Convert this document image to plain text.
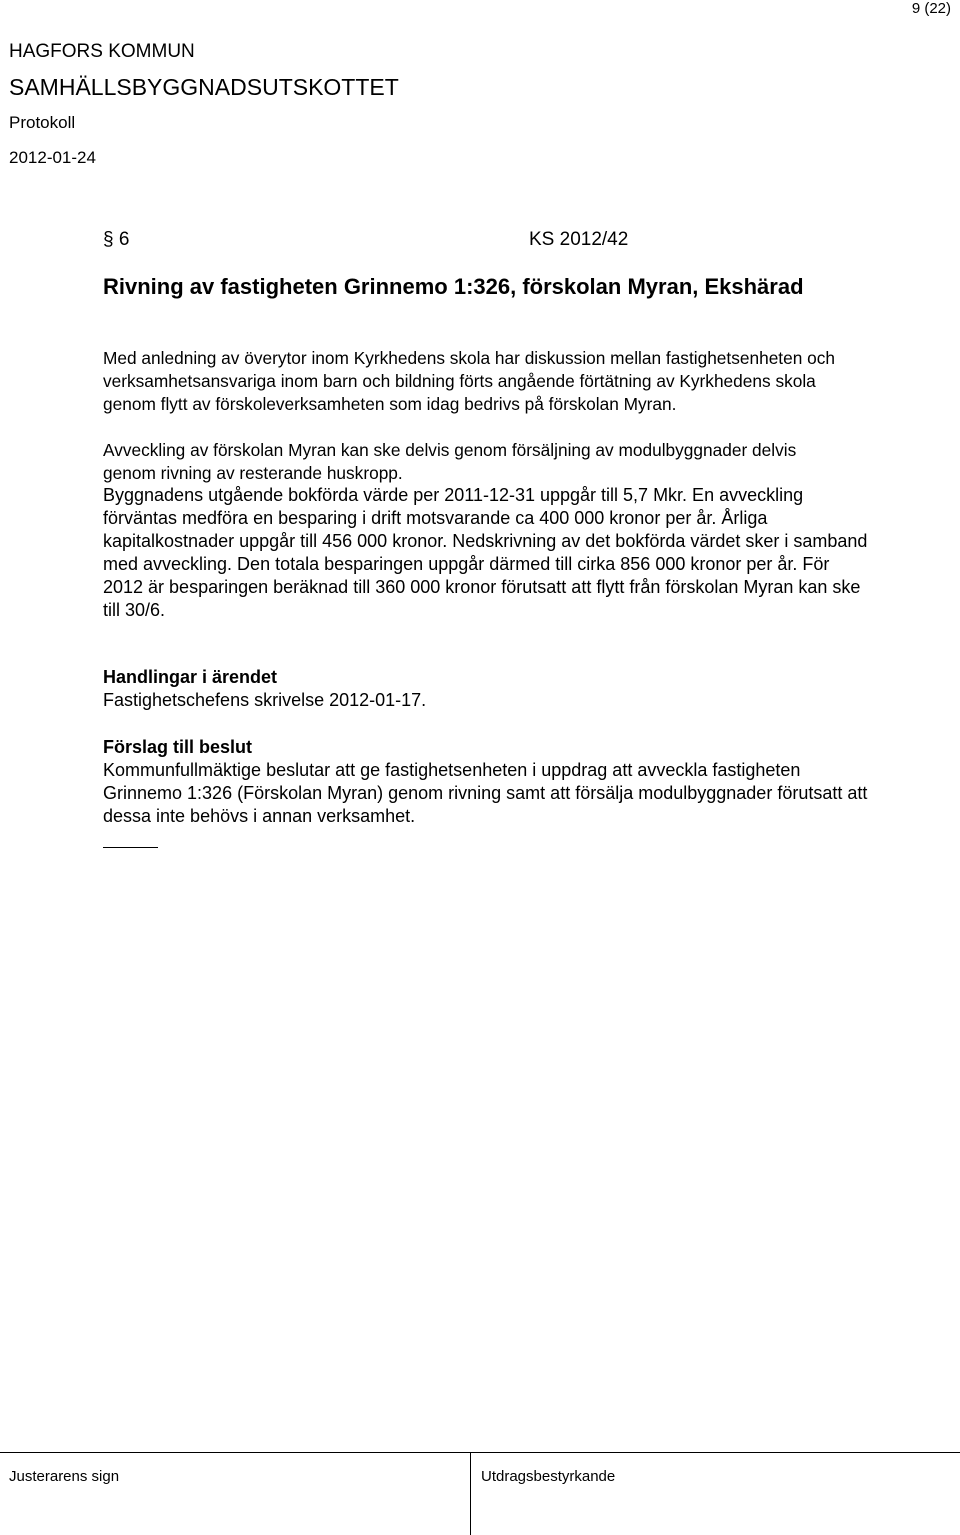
9 (22)
HAGFORS KOMMUN
SAMHÄLLSBYGGNADSUTSKOTTET
Protokoll
2012-01-24
§ 6	KS 2012/42
Rivning av fastigheten Grinnemo 1:326, förskolan Myran, Ekshärad

Med anledning av överytor inom Kyrkhedens skola har diskussion mellan fastighetsenheten och

verksamhetsansvariga inom barn och bildning förts angående förtätning av Kyrkhedens skola

genom flytt av förskoleverksamheten som idag bedrivs på förskolan Myran.

Avveckling av förskolan Myran kan ske delvis genom försäljning av modulbyggnader delvis

genom rivning av resterande huskropp.

Byggnadens utgående bokförda värde per 2011-12-31 uppgår till 5,7 Mkr. En avveckling

förväntas medföra en besparing i drift motsvarande ca 400 000 kronor per år. Årliga

kapitalkostnader uppgår till 456 000 kronor. Nedskrivning av det bokförda värdet sker i samband

med avveckling. Den totala besparingen uppgår därmed till cirka 856 000 kronor per år. För

2012 är besparingen beräknad till 360 000 kronor förutsatt att flytt från förskolan Myran kan ske

till 30/6.

Handlingar i ärendet

Fastighetschefens skrivelse 2012-01-17.

Förslag till beslut

Kommunfullmäktige beslutar att ge fastighetsenheten i uppdrag att avveckla fastigheten

Grinnemo 1:326 (Förskolan Myran) genom rivning samt att försälja modulbyggnader förutsatt att

dessa inte behövs i annan verksamhet.

Justerarens sign	Utdragsbestyrkande
